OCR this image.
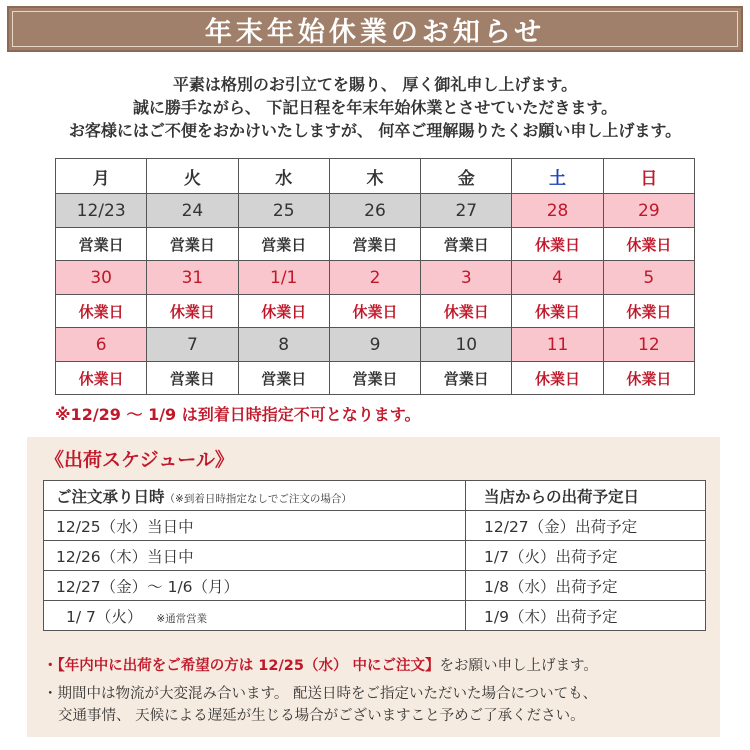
年末年始休業のお知らせ
平素は格別のお引立てを賜り、 厚く御礼申し上げます。
誠に勝手ながら、 下記日程を年末年始休業とさせていただきます。
お客様にはご不便をおかけいたしますが、 何卒ご理解賜りたくお願い申し上げます。
月	火	水	木	金	土	日
12/23	24	25	26	27	28	29
営業日	営業日	営業日	営業日	営業日	休業日	休業日
30	31	1/1	2	3	4	5
休業日	休業日	休業日	休業日	休業日	休業日	休業日
6	7	8	9	10	11	12
休業日	営業日	営業日	営業日	営業日	休業日	休業日
※12/29 ～ 1/9 は到着日時指定不可となります。
《出荷スケジュール》
ご注文承り日時（※到着日時指定なしでご注文の場合）	当店からの出荷予定日
12/25（水）当日中	12/27（金）出荷予定
12/26（木）当日中	1/7（火）出荷予定
12/27（金）～ 1/6（月）	1/8（水）出荷予定
1/ 7（火） ※通常営業	1/9（木）出荷予定
・【年内中に出荷をご希望の方は 12/25（水） 中にご注文】をお願い申し上げます。
・期間中は物流が大変混み合います。 配送日時をご指定いただいた場合についても、
交通事情、 天候による遅延が生じる場合がございますこと予めご了承ください。
